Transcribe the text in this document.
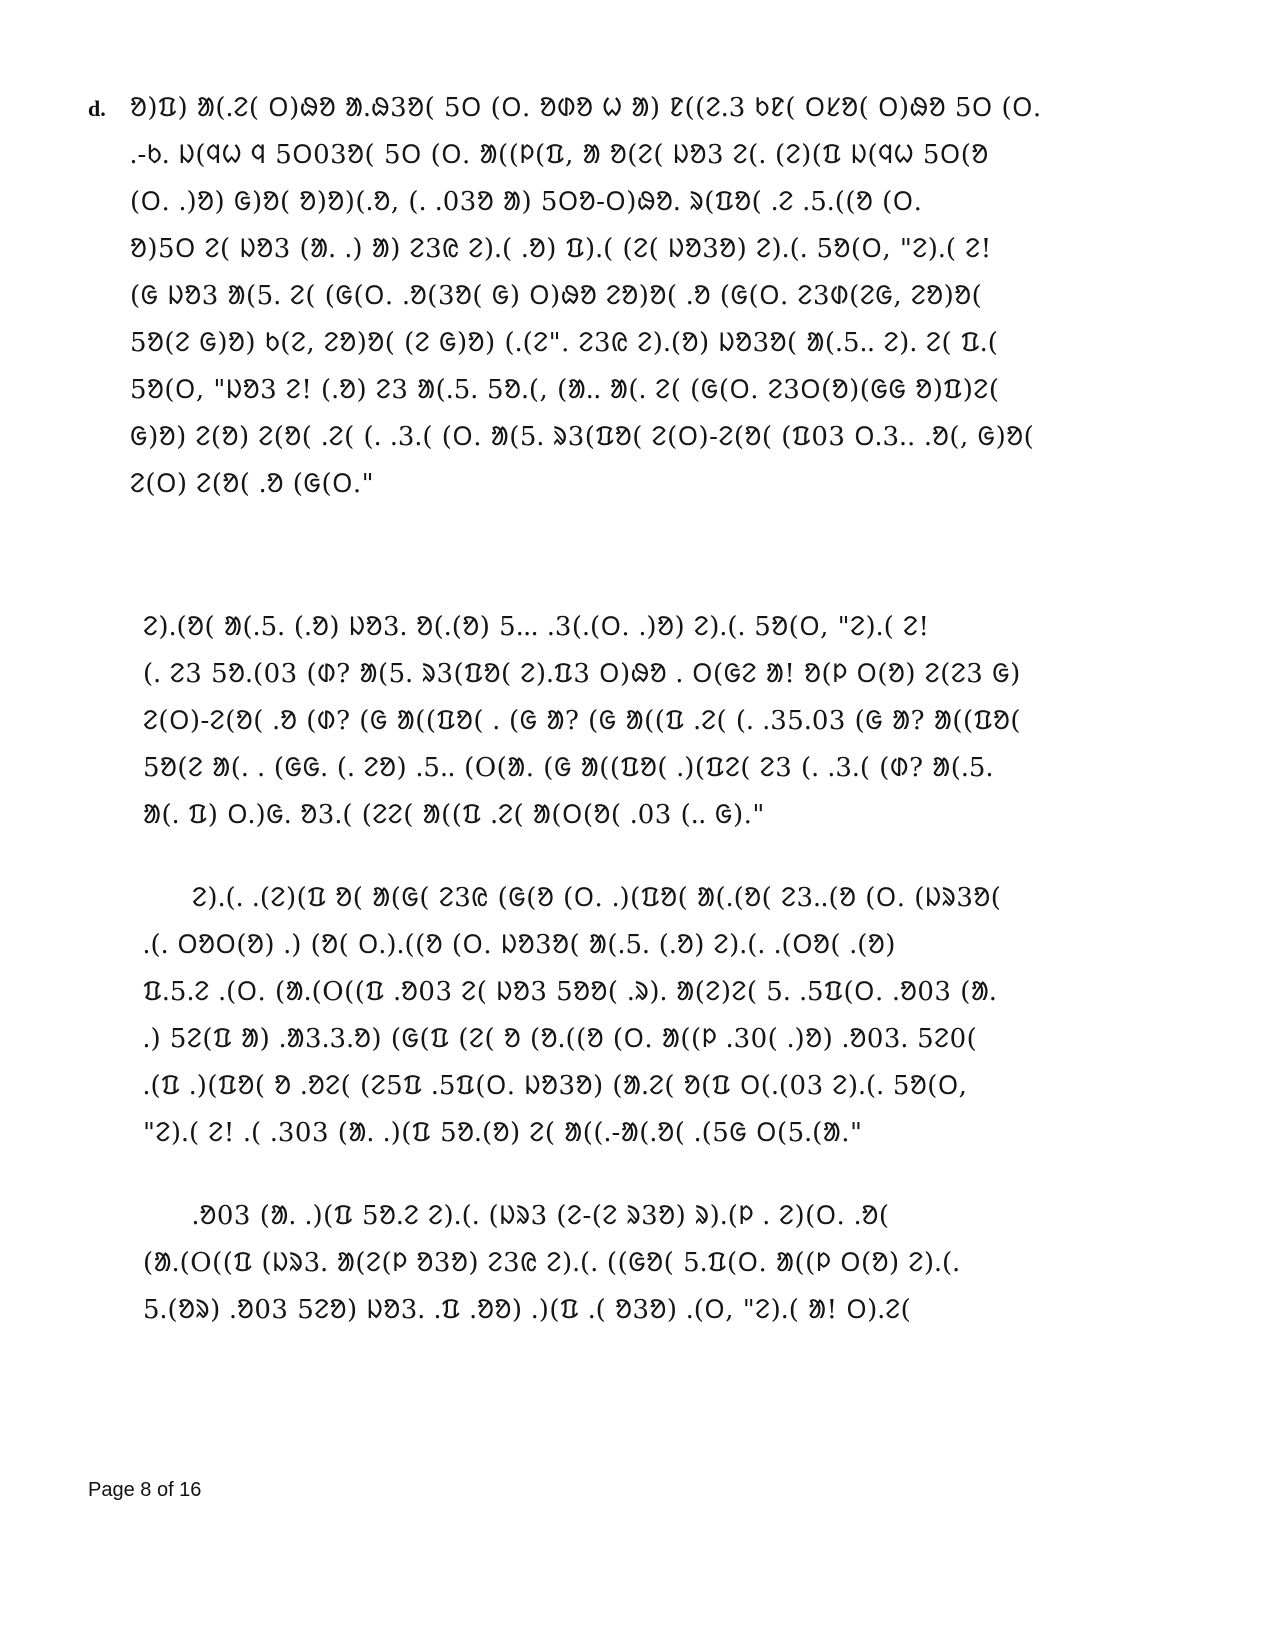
d. ᱚ)ᱯ) ᱟ(ᱹᱮ( ᱛ)ᱷᱚ ᱟᱹᱷ3ᱚ( 5ᱛ (ᱛ. ᱚᱰᱚ ᱦ ᱟ) ᱱ((ᱮᱹ3 ᱠᱱ( ᱛᱥᱚ( ᱛ)ᱷᱚ 5ᱛ (ᱛ.
ᱹ-ᱠᱹ ᱡ(ᱧᱦ ᱧ 5ᱛ03ᱚ( 5ᱛ (ᱛ. ᱟ((ᱞ(ᱯ, ᱟ ᱚ(ᱮ( ᱡᱚ3 ᱮ(ᱹ (ᱮ)(ᱯ ᱡ(ᱧᱦ 5ᱛ(ᱚ
(ᱛ. ᱹ)ᱚ) ᱜ)ᱚ( ᱚ)ᱚ)(ᱹᱚ, (ᱹ ᱹ03ᱚ ᱟ) 5ᱛᱚ-ᱛ)ᱷᱚᱹ ᱨ(ᱯᱚ( ᱹᱮ ᱹ5ᱹ((ᱚ (ᱛ.
ᱚ)5ᱛ ᱮ( ᱡᱚ3 (ᱟᱹ ᱹ) ᱟ) ᱮ3ᱭ ᱮ)ᱹ( ᱹᱚ) ᱯ)ᱹ( (ᱮ( ᱡᱚ3ᱚ) ᱮ)ᱹ(ᱹ 5ᱚ(ᱛ, "ᱮ)ᱹ( ᱮ!
(ᱜ ᱡᱚ3 ᱟ(5ᱹ ᱮ( (ᱜ(ᱛ. ᱹᱚ(3ᱚ( ᱜ) ᱛ)ᱷᱚ ᱮᱚ)ᱚ( ᱹᱚ (ᱜ(ᱛ. ᱮ3ᱰ(ᱮᱜ, ᱮᱚ)ᱚ(
5ᱚ(ᱮ ᱜ)ᱚ) ᱠ(ᱮ, ᱮᱚ)ᱚ( (ᱮ ᱜ)ᱚ) (ᱹ(ᱮ". ᱮ3ᱭ ᱮ)ᱹ(ᱚ) ᱡᱚ3ᱚ( ᱟ(ᱹ5ᱹᱹ ᱮ)ᱹ ᱮ( ᱯᱹ(
5ᱚ(ᱛ, "ᱡᱚ3 ᱮ! (ᱹᱚ) ᱮ3 ᱟ(ᱹ5ᱹ 5ᱚᱹ(, (ᱟᱹᱹ ᱟ(ᱹ ᱮ( (ᱜ(ᱛ. ᱮ3ᱛ(ᱚ)(ᱜᱜ ᱚ)ᱯ)ᱮ(
ᱜ)ᱚ) ᱮ(ᱚ) ᱮ(ᱚ( ᱹᱮ( (ᱹ ᱹ3ᱹ( (ᱛ. ᱟ(5ᱹ ᱨ3(ᱯᱚ( ᱮ(ᱛ)-ᱮ(ᱚ( (ᱯ03 ᱛᱹ3ᱹ. ᱹᱚ(, ᱜ)ᱚ(
ᱮ(ᱛ) ᱮ(ᱚ( ᱹᱚ (ᱜ(ᱛ."
ᱮ)ᱹ(ᱚ( ᱟ(ᱹ5ᱹ (ᱹᱚ) ᱡᱚ3ᱹ ᱚ(ᱹ(ᱚ) 5ᱹᱹᱹ ᱹ3(ᱹ(ᱛ. ᱹ)ᱚ) ᱮ)ᱹ(ᱹ 5ᱚ(ᱛ, "ᱮ)ᱹ( ᱮ!
(ᱹ ᱮ3 5ᱚᱹ(03 (ᱰ? ᱟ(5ᱹ ᱨ3(ᱯᱚ( ᱮ)ᱹᱯ3 ᱛ)ᱷᱚ ᱹ ᱛ(ᱜᱮ ᱟ! ᱚ(ᱞ ᱛ(ᱚ) ᱮ(ᱮ3 ᱜ)
ᱮ(ᱛ)-ᱮ(ᱚ( ᱹᱚ (ᱰ? (ᱜ ᱟ((ᱯᱚ( ᱹ (ᱜ ᱟ? (ᱜ ᱟ((ᱯ ᱹᱮ( (ᱹ ᱹ35ᱹ03 (ᱜ ᱟ? ᱟ((ᱯᱚ(
5ᱚ(ᱮ ᱟ(ᱹ ᱹ (ᱜᱜᱹ (ᱹ ᱮᱚ) ᱹ5ᱹᱹ (O(ᱟ. (ᱜ ᱟ((ᱯᱚ( ᱹ)(ᱯᱮ( ᱮ3 (ᱹ ᱹ3ᱹ( (ᱰ? ᱟ(ᱹ5ᱹ
ᱟ(ᱹ ᱯ) ᱛᱹ)ᱜᱹ ᱚ3ᱹ( (ᱮᱮ( ᱟ((ᱯ ᱹᱮ( ᱟ(ᱛ(ᱚ( ᱹ03 (ᱹᱹ ᱜ)."
ᱮ)ᱹ(ᱹ ᱹ(ᱮ)(ᱯ ᱚ( ᱟ(ᱜ( ᱮ3ᱭ (ᱜ(ᱚ (ᱛ. ᱹ)(ᱯᱚ( ᱟ(ᱹ(ᱚ( ᱮ3ᱹᱹ(ᱚ (ᱛ. (ᱡᱨ3ᱚ(
ᱹ(ᱹ ᱛᱚᱛ(ᱚ) ᱹ) (ᱚ( ᱛᱹ)ᱹ((ᱚ (ᱛ. ᱡᱚ3ᱚ( ᱟ(ᱹ5ᱹ (ᱹᱚ) ᱮ)ᱹ(ᱹ ᱹ(ᱛᱚ( ᱹ(ᱚ)
ᱯᱹ5ᱹᱮ ᱹ(ᱛ. (ᱟᱹ(O((ᱯ ᱹᱚ03 ᱮ( ᱡᱚ3 5ᱚᱚ( ᱹᱨ)ᱹ ᱟ(ᱮ)ᱮ( 5ᱹ ᱹ5ᱯ(ᱛ. ᱹᱚ03 (ᱟᱹ
ᱹ) 5ᱮ(ᱯ ᱟ) ᱹᱟ3ᱹ3ᱹᱚ) (ᱜ(ᱯ (ᱮ( ᱚ (ᱚᱹ((ᱚ (ᱛ. ᱟ((ᱞ ᱹ30( ᱹ)ᱚ) ᱹᱚ03ᱹ 5ᱮ0(
ᱹ(ᱯ ᱹ)(ᱯᱚ( ᱚ ᱹᱚᱮ( (ᱮ5ᱯ ᱹ5ᱯ(ᱛ. ᱡᱚ3ᱚ) (ᱟᱹᱮ( ᱚ(ᱯ ᱛ(ᱹ(03 ᱮ)ᱹ(ᱹ 5ᱚ(ᱛ,
"ᱮ)ᱹ( ᱮ! ᱹ( ᱹ303 (ᱟᱹ ᱹ)(ᱯ 5ᱚᱹ(ᱚ) ᱮ( ᱟ((ᱹ-ᱟ(ᱹᱚ( ᱹ(5ᱜ ᱛ(5ᱹ(ᱟ."
ᱹᱚ03 (ᱟᱹ ᱹ)(ᱯ 5ᱚᱹᱮ ᱮ)ᱹ(ᱹ (ᱡᱨ3 (ᱮ-(ᱮ ᱨ3ᱚ) ᱨ)ᱹ(ᱞ ᱹ ᱮ)(ᱛ. ᱹᱚ(
(ᱟᱹ(O((ᱯ (ᱡᱨ3ᱹ ᱟ(ᱮ(ᱞ ᱚ3ᱚ) ᱮ3ᱭ ᱮ)ᱹ(ᱹ ((ᱜᱚ( 5ᱹᱯ(ᱛ. ᱟ((ᱞ ᱛ(ᱚ) ᱮ)ᱹ(ᱹ
5ᱹ(ᱚᱨ) ᱹᱚ03 5ᱮᱚ) ᱡᱚ3ᱹ ᱹᱯ ᱹᱚᱚ) ᱹ)(ᱯ ᱹ( ᱚ3ᱚ) ᱹ(ᱛ, "ᱮ)ᱹ( ᱟ! ᱛ)ᱹᱮ(
Page 8 of 16
